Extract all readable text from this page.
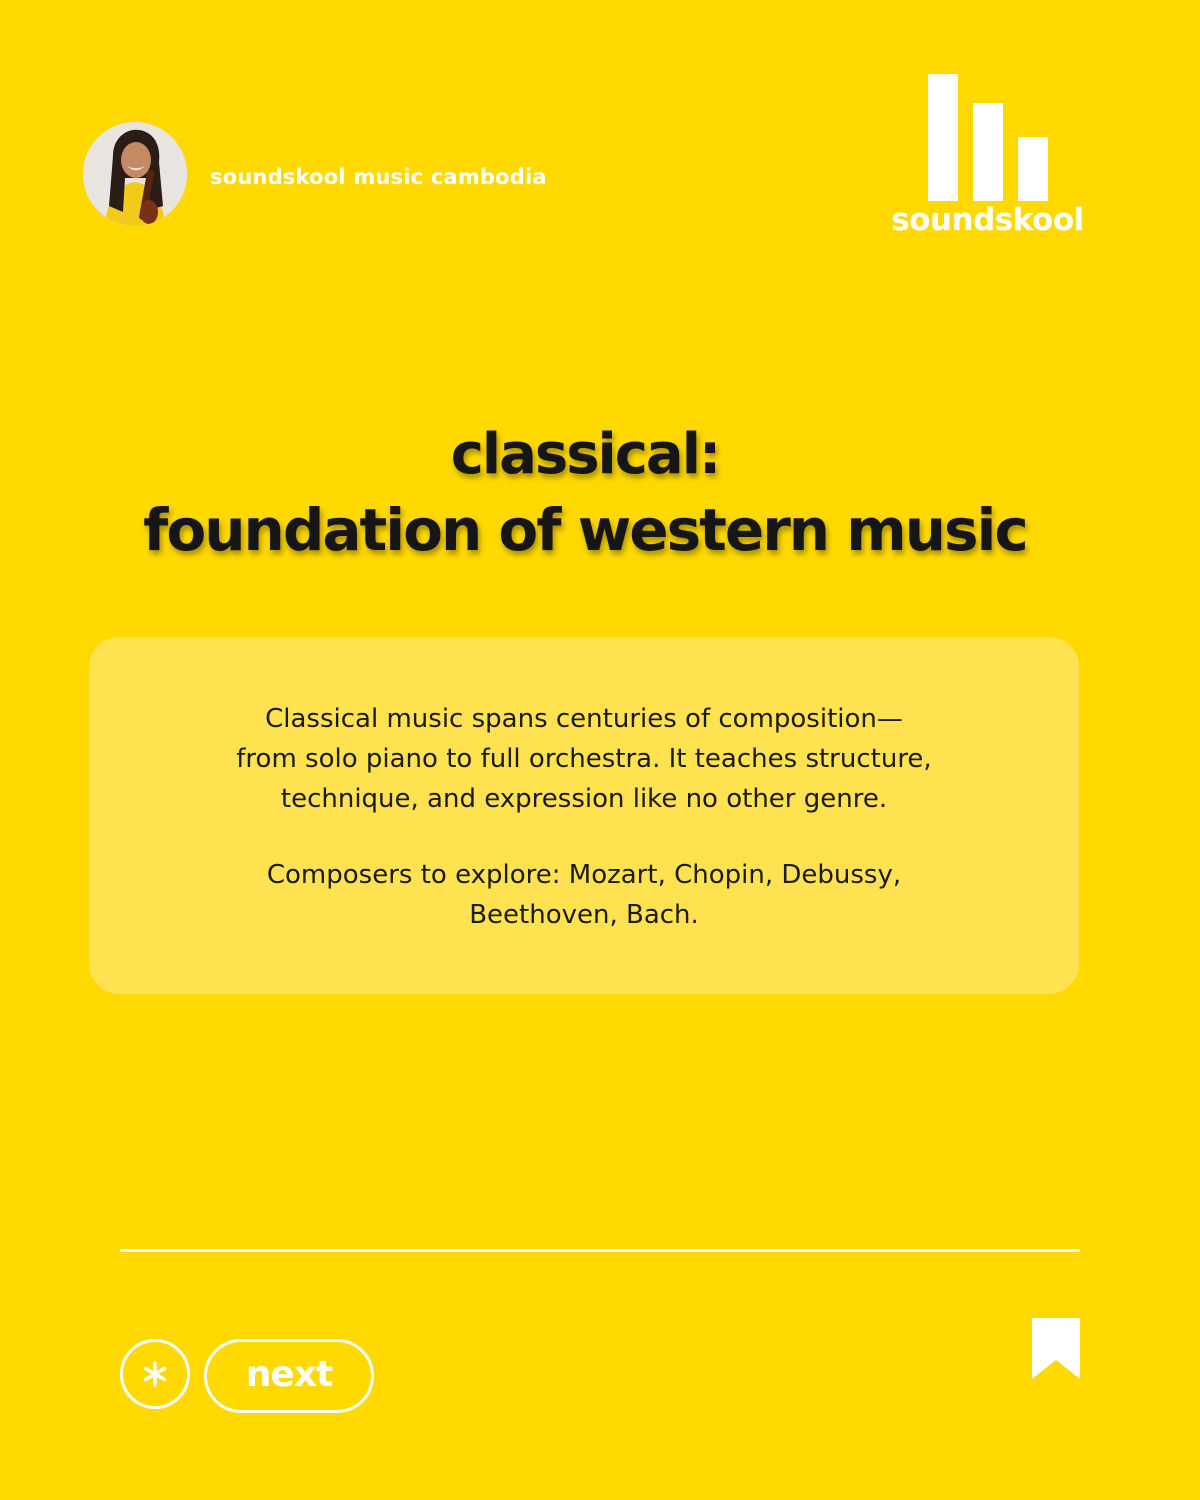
soundskool music cambodia
soundskool
classical:
foundation of western music
Classical music spans centuries of composition—
from solo piano to full orchestra. It teaches structure,
technique, and expression like no other genre.
Composers to explore: Mozart, Chopin, Debussy,
Beethoven, Bach.
next
